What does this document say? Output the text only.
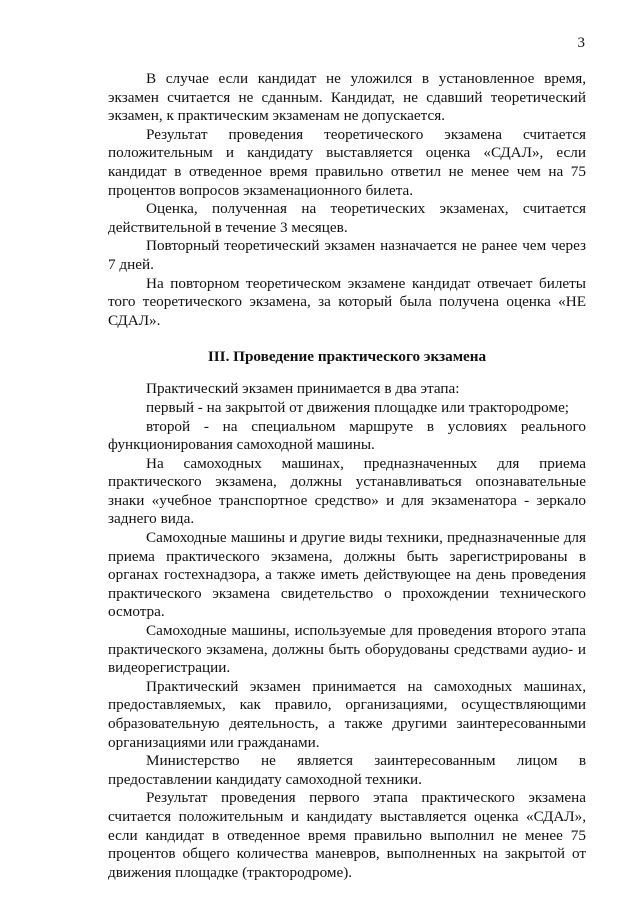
3

В случае если кандидат не уложился в установленное время, экзамен считается не сданным. Кандидат, не сдавший теоретический экзамен, к практическим экзаменам не допускается.

Результат проведения теоретического экзамена считается положительным и кандидату выставляется оценка «СДАЛ», если кандидат в отведенное время правильно ответил не менее чем на 75 процентов вопросов экзаменационного билета.

Оценка, полученная на теоретических экзаменах, считается действительной в течение 3 месяцев.

Повторный теоретический экзамен назначается не ранее чем через 7 дней.

На повторном теоретическом экзамене кандидат отвечает билеты того теоретического экзамена, за который была получена оценка «НЕ СДАЛ».

III. Проведение практического экзамена

Практический экзамен принимается в два этапа:

первый - на закрытой от движения площадке или трактородроме;

второй - на специальном маршруте в условиях реального функционирования самоходной машины.

На самоходных машинах, предназначенных для приема практического экзамена, должны устанавливаться опознавательные знаки «учебное транспортное средство» и для экзаменатора - зеркало заднего вида.

Самоходные машины и другие виды техники, предназначенные для приема практического экзамена, должны быть зарегистрированы в органах гостехнадзора, а также иметь действующее на день проведения практического экзамена свидетельство о прохождении технического осмотра.

Самоходные машины, используемые для проведения второго этапа практического экзамена, должны быть оборудованы средствами аудио- и видеорегистрации.

Практический экзамен принимается на самоходных машинах, предоставляемых, как правило, организациями, осуществляющими образовательную деятельность, а также другими заинтересованными организациями или гражданами.

Министерство не является заинтересованным лицом в предоставлении кандидату самоходной техники.

Результат проведения первого этапа практического экзамена считается положительным и кандидату выставляется оценка «СДАЛ», если кандидат в отведенное время правильно выполнил не менее 75 процентов общего количества маневров, выполненных на закрытой от движения площадке (трактородроме).
